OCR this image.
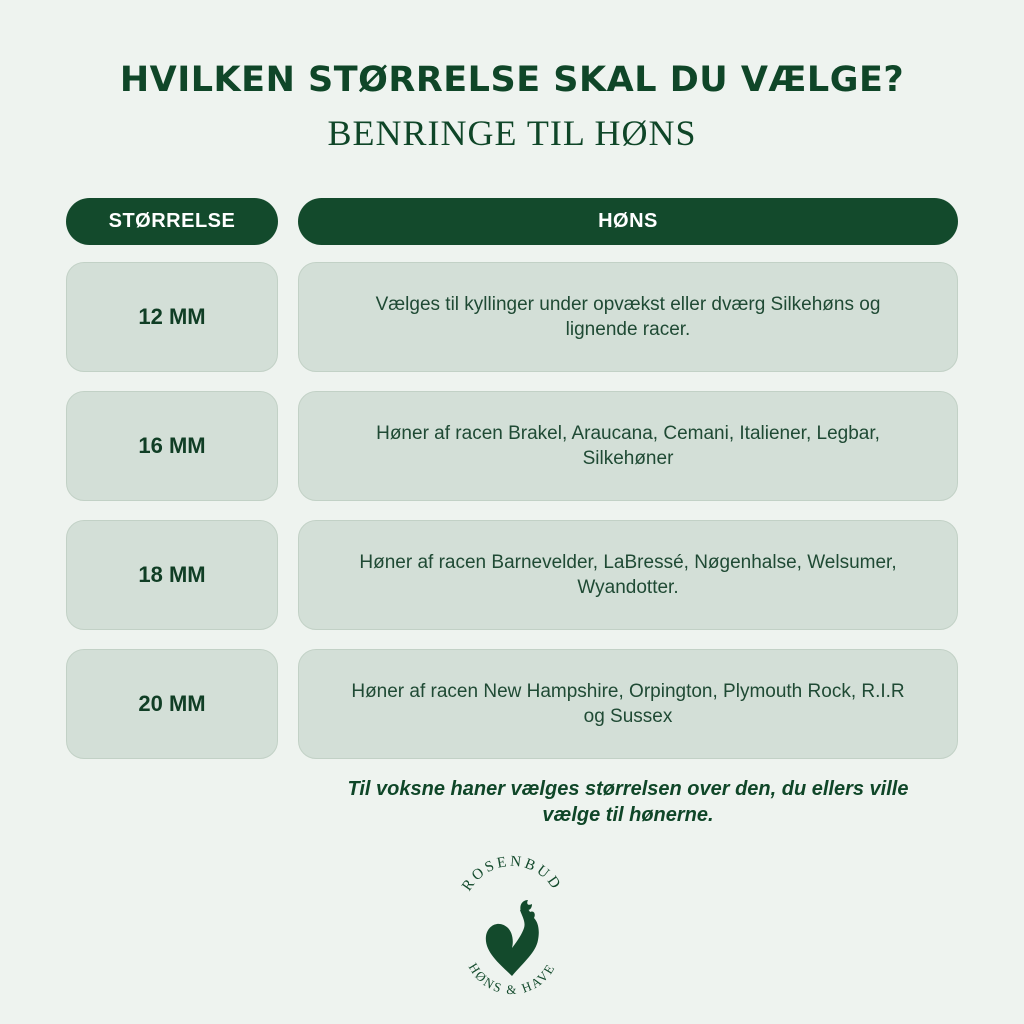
HVILKEN STØRRELSE SKAL DU VÆLGE?
BENRINGE TIL HØNS
STØRRELSE	HØNS
12 MM	Vælges til kyllinger under opvækst eller dværg Silkehøns og lignende racer.
16 MM	Høner af racen Brakel, Araucana, Cemani, Italiener, Legbar, Silkehøner
18 MM	Høner af racen Barnevelder, LaBressé, Nøgenhalse, Welsumer, Wyandotter.
20 MM	Høner af racen New Hampshire, Orpington, Plymouth Rock, R.I.R og Sussex
Til voksne haner vælges størrelsen over den, du ellers ville vælge til hønerne.
ROSENBUD
HØNS & HAVE
